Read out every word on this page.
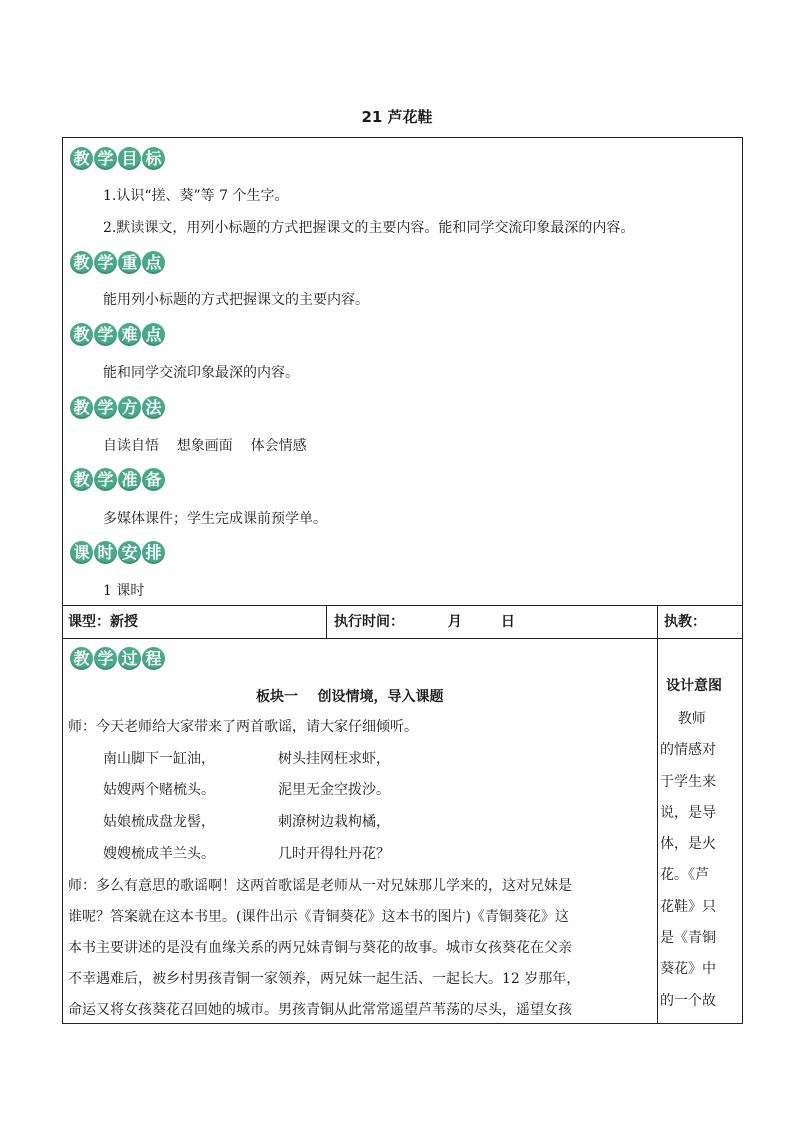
21 芦花鞋
教 学 目 标
1.认识“搓、葵”等 7 个生字。
2.默读课文，用列小标题的方式把握课文的主要内容。能和同学交流印象最深的内容。
教 学 重 点
能用列小标题的方式把握课文的主要内容。
教 学 难 点
能和同学交流印象最深的内容。
教 学 方 法
自读自悟    想象画面    体会情感
教 学 准 备
多媒体课件；学生完成课前预学单。
课 时 安 排
1 课时
课型：新授	执行时间：         月        日	执教：
教 学 过 程
板块一    创设情境，导入课题
师：今天老师给大家带来了两首歌谣，请大家仔细倾听。
南山脚下一缸油，
姑嫂两个赌梳头。
姑娘梳成盘龙髻，
嫂嫂梳成羊兰头。
树头挂网枉求虾，
泥里无金空拨沙。
刺潦树边栽枸橘，
几时开得牡丹花？
师：多么有意思的歌谣啊！这两首歌谣是老师从一对兄妹那儿学来的，这对兄妹是
谁呢？答案就在这本书里。(课件出示《青铜葵花》这本书的图片)《青铜葵花》这
本书主要讲述的是没有血缘关系的两兄妹青铜与葵花的故事。城市女孩葵花在父亲
不幸遇难后，被乡村男孩青铜一家领养，两兄妹一起生活、一起长大。12 岁那年，
命运又将女孩葵花召回她的城市。男孩青铜从此常常遥望芦苇荡的尽头，遥望女孩
设计意图
教师
的情感对
于学生来
说，是导
体，是火
花。《芦
花鞋》只
是《青铜
葵花》中
的一个故
